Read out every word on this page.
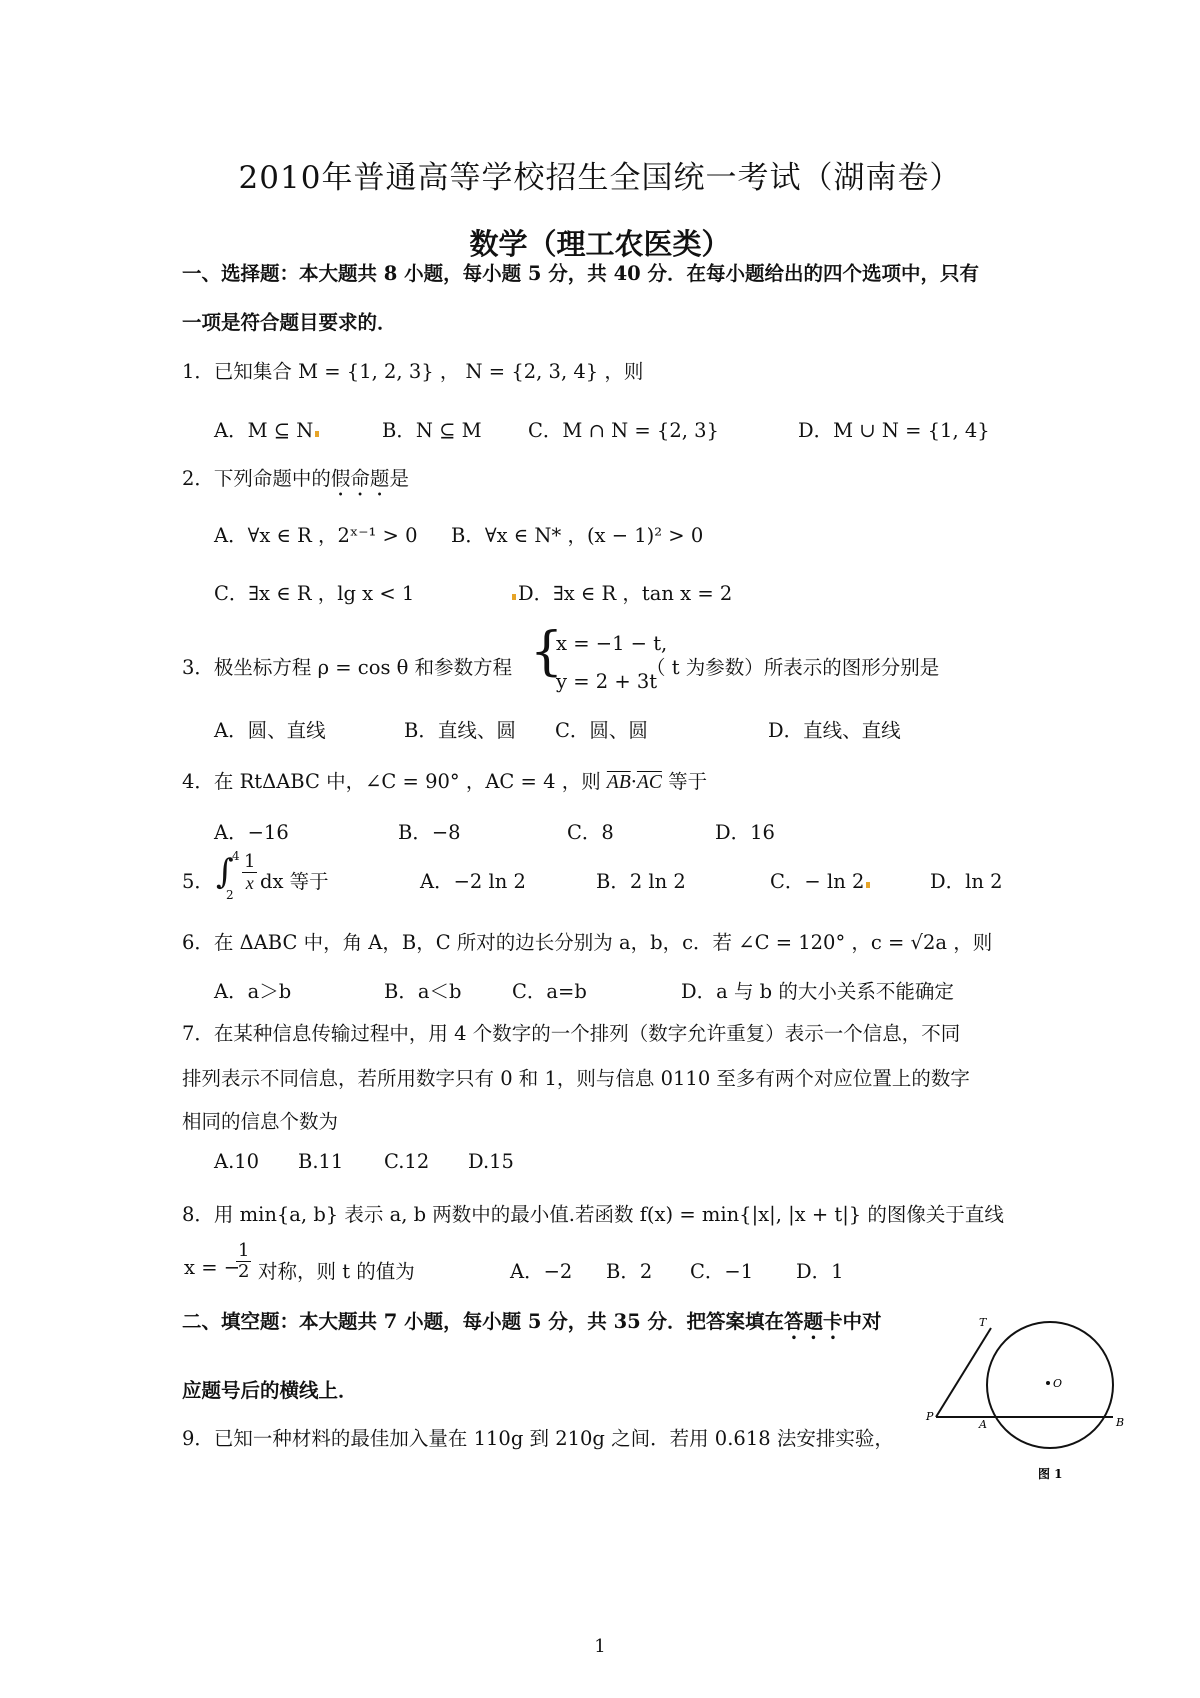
2010年普通高等学校招生全国统一考试（湖南卷）
数学（理工农医类）
一、选择题：本大题共 8 小题，每小题 5 分，共 40 分．在每小题给出的四个选项中，只有
一项是符合题目要求的．
1．已知集合 M = {1, 2, 3} ， N = {2, 3, 4} ，则
A．M ⊆ N	B．N ⊆ M C．M ∩ N = {2, 3}	D．M ∪ N = {1, 4}
2．下列命题中的假命题是
A．∀x ∈ R ，2ˣ⁻¹ > 0 B．∀x ∈ N* ，(x − 1)² > 0
C．∃x ∈ R ，lg x < 1	D．∃x ∈ R ，tan x = 2
3．极坐标方程 ρ = cos θ 和参数方程 {
x = −1 − t,
y = 2 + 3t
（ t 为参数）所表示的图形分别是
A．圆、直线	B．直线、圆 C．圆、圆	D．直线、直线
4．在 RtΔABC 中，∠C = 90° ，AC = 4 ，则 $\overline{AB}\cdot\overline{AC}$ 等于
A．−16	B．−8	C．8	D．16
5． ∫
4
2
$\frac{1}{x}$ dx 等于	A．−2 ln 2	B．2 ln 2	C．− ln 2	D．ln 2
6．在 ΔABC 中，角 A，B，C 所对的边长分别为 a，b，c．若 ∠C = 120° ，c = √2a ，则
A．a＞b	B．a＜b	C．a=b	D．a 与 b 的大小关系不能确定
7．在某种信息传输过程中，用 4 个数字的一个排列（数字允许重复）表示一个信息，不同
排列表示不同信息，若所用数字只有 0 和 1，则与信息 0110 至多有两个对应位置上的数字
相同的信息个数为
A.10 B.11 C.12 D.15
8．用 min{a, b} 表示 a, b 两数中的最小值.若函数 f(x) = min{|x|, |x + t|} 的图像关于直线
x = −
$\frac{1}{2}$ 对称，则 t 的值为	A．−2 B．2 C．−1 D．1
二、填空题：本大题共 7 小题，每小题 5 分，共 35 分．把答案填在答题卡中对
应题号后的横线上．
9．已知一种材料的最佳加入量在 110g 到 210g 之间．若用 0.618 法安排实验，
T
O
P
A	B
图 1
1
